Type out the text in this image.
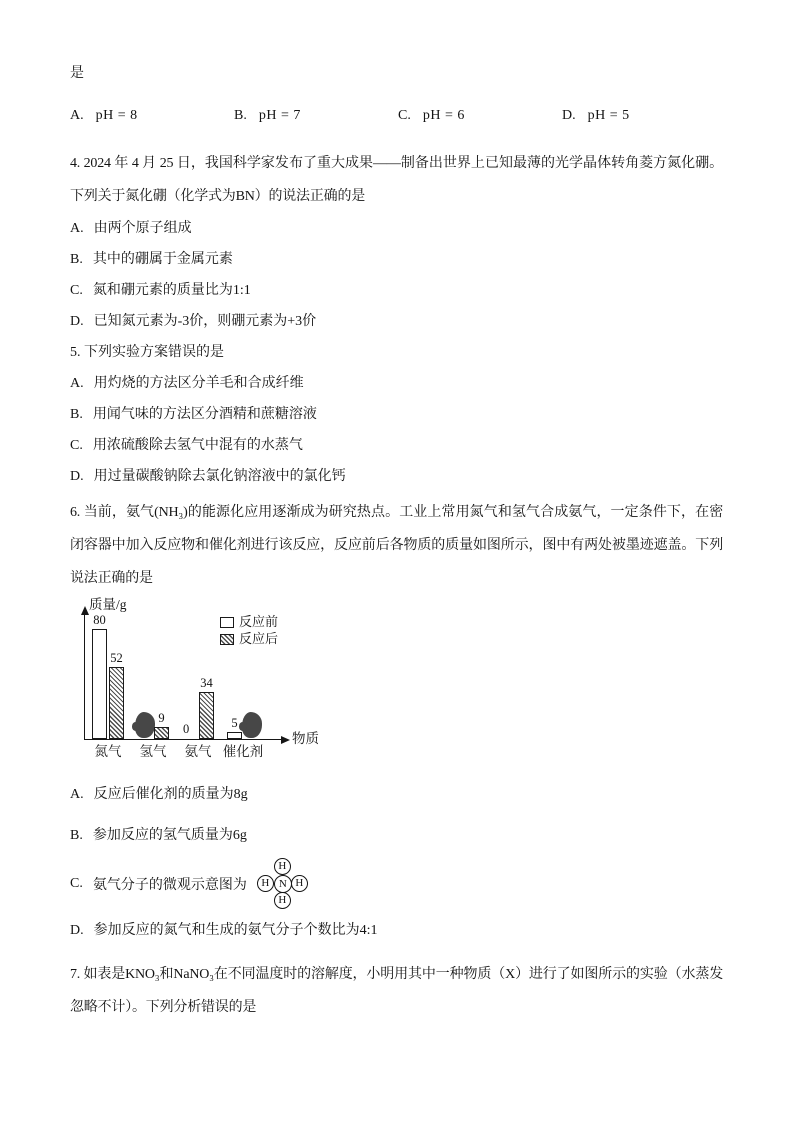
是
A. pH = 8	B. pH = 7	C. pH = 6	D. pH = 5
4. 2024 年 4 月 25 日，我国科学家发布了重大成果——制备出世界上已知最薄的光学晶体转角菱方氮化硼。下列关于氮化硼（化学式为BN）的说法正确的是
A. 由两个原子组成
B. 其中的硼属于金属元素
C. 氮和硼元素的质量比为1:1
D. 已知氮元素为-3价，则硼元素为+3价
5. 下列实验方案错误的是
A. 用灼烧的方法区分羊毛和合成纤维
B. 用闻气味的方法区分酒精和蔗糖溶液
C. 用浓硫酸除去氢气中混有的水蒸气
D. 用过量碳酸钠除去氯化钠溶液中的氯化钙
6. 当前，氨气(NH₃)的能源化应用逐渐成为研究热点。工业上常用氮气和氢气合成氨气，一定条件下，在密闭容器中加入反应物和催化剂进行该反应，反应前后各物质的质量如图所示，图中有两处被墨迹遮盖。下列说法正确的是
质量/g
物质
反应前
反应后
80
52
氮气
9
氢气
0
34
氨气
5
催化剂
A. 反应后催化剂的质量为8g
B. 参加反应的氢气质量为6g
C. 氨气分子的微观示意图为
H
H N H
H
D. 参加反应的氮气和生成的氨气分子个数比为4:1
7. 如表是KNO₃和NaNO₃在不同温度时的溶解度，小明用其中一种物质（X）进行了如图所示的实验（水蒸发忽略不计）。下列分析错误的是
